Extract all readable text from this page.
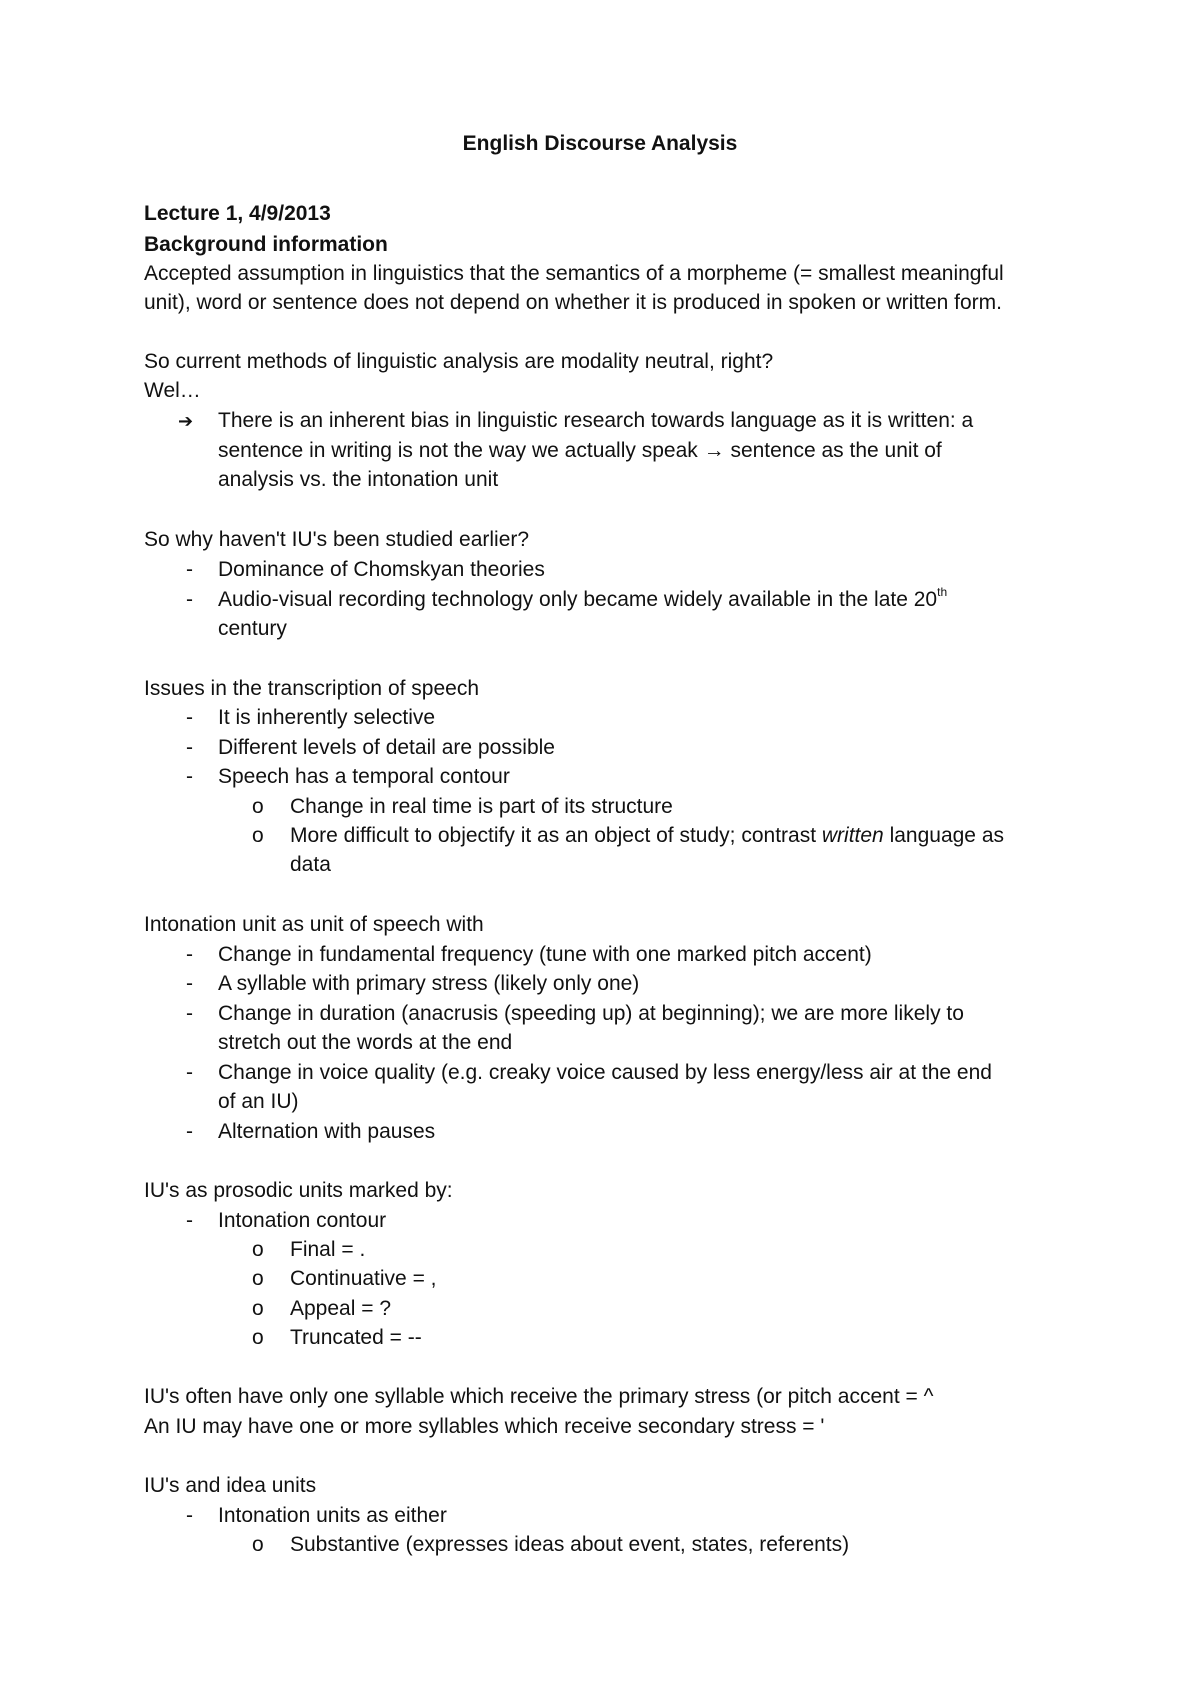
English Discourse Analysis
Lecture 1, 4/9/2013
Background information
Accepted assumption in linguistics that the semantics of a morpheme (= smallest meaningful
unit), word or sentence does not depend on whether it is produced in spoken or written form.
So current methods of linguistic analysis are modality neutral, right?
Wel…
➔ There is an inherent bias in linguistic research towards language as it is written: a
sentence in writing is not the way we actually speak → sentence as the unit of
analysis vs. the intonation unit
So why haven't IU's been studied earlier?
- Dominance of Chomskyan theories
- Audio-visual recording technology only became widely available in the late 20th
century
Issues in the transcription of speech
- It is inherently selective
- Different levels of detail are possible
- Speech has a temporal contour
o Change in real time is part of its structure
o More difficult to objectify it as an object of study; contrast written language as
data
Intonation unit as unit of speech with
- Change in fundamental frequency (tune with one marked pitch accent)
- A syllable with primary stress (likely only one)
- Change in duration (anacrusis (speeding up) at beginning); we are more likely to
stretch out the words at the end
- Change in voice quality (e.g. creaky voice caused by less energy/less air at the end
of an IU)
- Alternation with pauses
IU's as prosodic units marked by:
- Intonation contour
o Final = .
o Continuative = ,
o Appeal = ?
o Truncated = --
IU's often have only one syllable which receive the primary stress (or pitch accent = ^
An IU may have one or more syllables which receive secondary stress = '
IU's and idea units
- Intonation units as either
o Substantive (expresses ideas about event, states, referents)
